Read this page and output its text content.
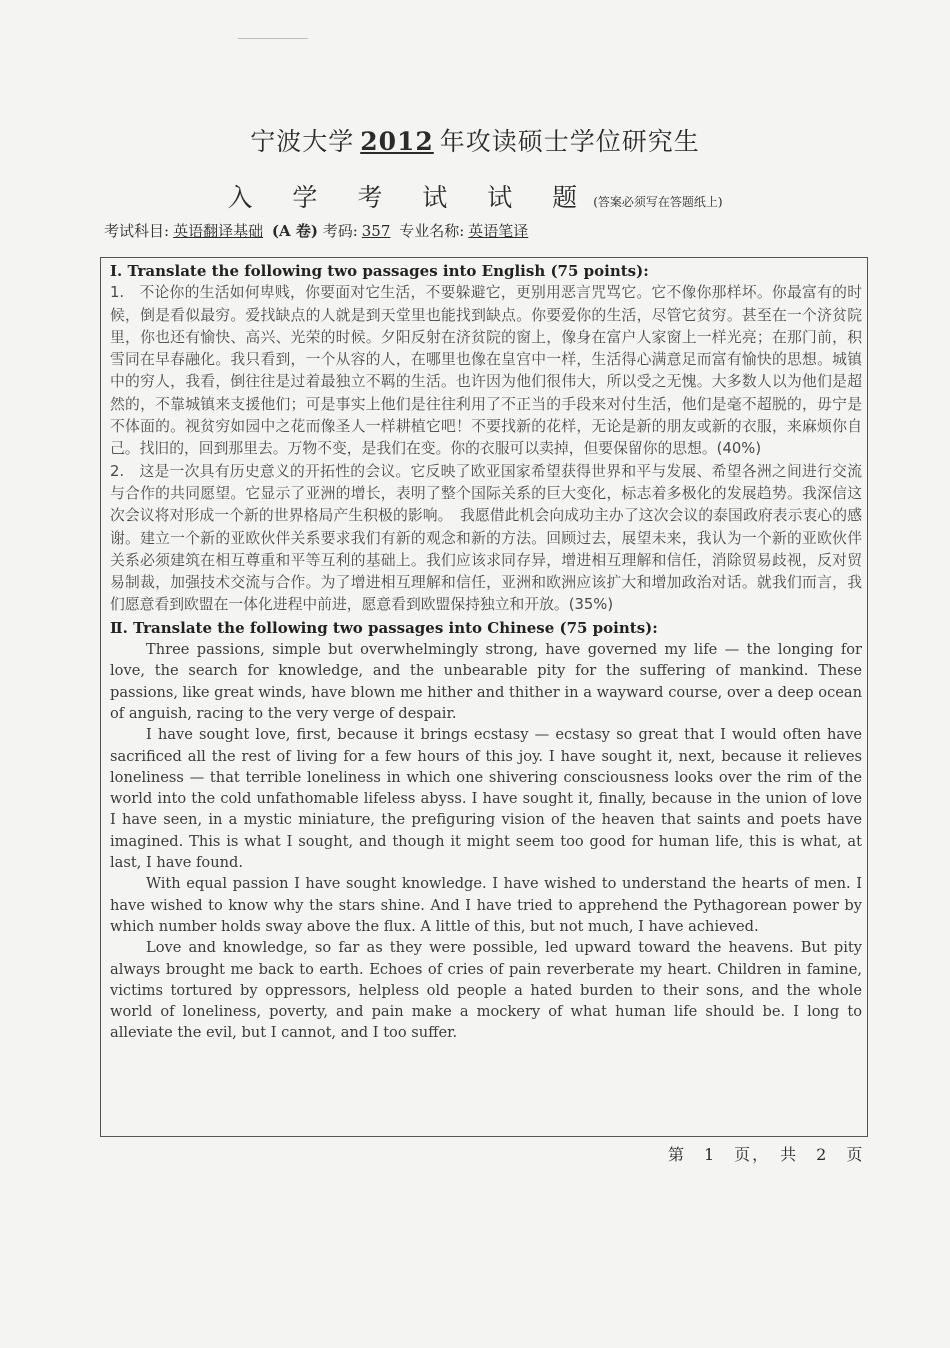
宁波大学 2012 年攻读硕士学位研究生
入 学 考 试 试 题(答案必须写在答题纸上)
考试科目: 英语翻译基础 (A 卷) 考码: 357 专业名称: 英语笔译
I. Translate the following two passages into English (75 points):

1.　不论你的生活如何卑贱，你要面对它生活，不要躲避它，更别用恶言咒骂它。它不像你那样坏。你最富有的时候，倒是看似最穷。爱找缺点的人就是到天堂里也能找到缺点。你要爱你的生活，尽管它贫穷。甚至在一个济贫院里，你也还有愉快、高兴、光荣的时候。夕阳反射在济贫院的窗上，像身在富户人家窗上一样光亮；在那门前，积雪同在早春融化。我只看到，一个从容的人，在哪里也像在皇宫中一样，生活得心满意足而富有愉快的思想。城镇中的穷人，我看，倒往往是过着最独立不羁的生活。也许因为他们很伟大，所以受之无愧。大多数人以为他们是超然的，不靠城镇来支援他们；可是事实上他们是往往利用了不正当的手段来对付生活，他们是毫不超脱的，毋宁是不体面的。视贫穷如园中之花而像圣人一样耕植它吧！不要找新的花样，无论是新的朋友或新的衣服，来麻烦你自己。找旧的，回到那里去。万物不变，是我们在变。你的衣服可以卖掉，但要保留你的思想。(40%)

2.　这是一次具有历史意义的开拓性的会议。它反映了欧亚国家希望获得世界和平与发展、希望各洲之间进行交流与合作的共同愿望。它显示了亚洲的增长，表明了整个国际关系的巨大变化，标志着多极化的发展趋势。我深信这次会议将对形成一个新的世界格局产生积极的影响。　我愿借此机会向成功主办了这次会议的泰国政府表示衷心的感谢。建立一个新的亚欧伙伴关系要求我们有新的观念和新的方法。回顾过去，展望未来，我认为一个新的亚欧伙伴关系必须建筑在相互尊重和平等互利的基础上。我们应该求同存异，增进相互理解和信任，消除贸易歧视，反对贸易制裁，加强技术交流与合作。为了增进相互理解和信任，亚洲和欧洲应该扩大和增加政治对话。就我们而言，我们愿意看到欧盟在一体化进程中前进，愿意看到欧盟保持独立和开放。(35%)

Ⅱ. Translate the following two passages into Chinese (75 points):

Three passions, simple but overwhelmingly strong, have governed my life — the longing for love, the search for knowledge, and the unbearable pity for the suffering of mankind. These passions, like great winds, have blown me hither and thither in a wayward course, over a deep ocean of anguish, racing to the very verge of despair.

I have sought love, first, because it brings ecstasy — ecstasy so great that I would often have sacrificed all the rest of living for a few hours of this joy. I have sought it, next, because it relieves loneliness — that terrible loneliness in which one shivering consciousness looks over the rim of the world into the cold unfathomable lifeless abyss. I have sought it, finally, because in the union of love I have seen, in a mystic miniature, the prefiguring vision of the heaven that saints and poets have imagined. This is what I sought, and though it might seem too good for human life, this is what, at last, I have found.

With equal passion I have sought knowledge. I have wished to understand the hearts of men. I have wished to know why the stars shine. And I have tried to apprehend the Pythagorean power by which number holds sway above the flux. A little of this, but not much, I have achieved.

Love and knowledge, so far as they were possible, led upward toward the heavens. But pity always brought me back to earth. Echoes of cries of pain reverberate my heart. Children in famine, victims tortured by oppressors, helpless old people a hated burden to their sons, and the whole world of loneliness, poverty, and pain make a mockery of what human life should be. I long to alleviate the evil, but I cannot, and I too suffer.

第　1　页，　共　2　页
